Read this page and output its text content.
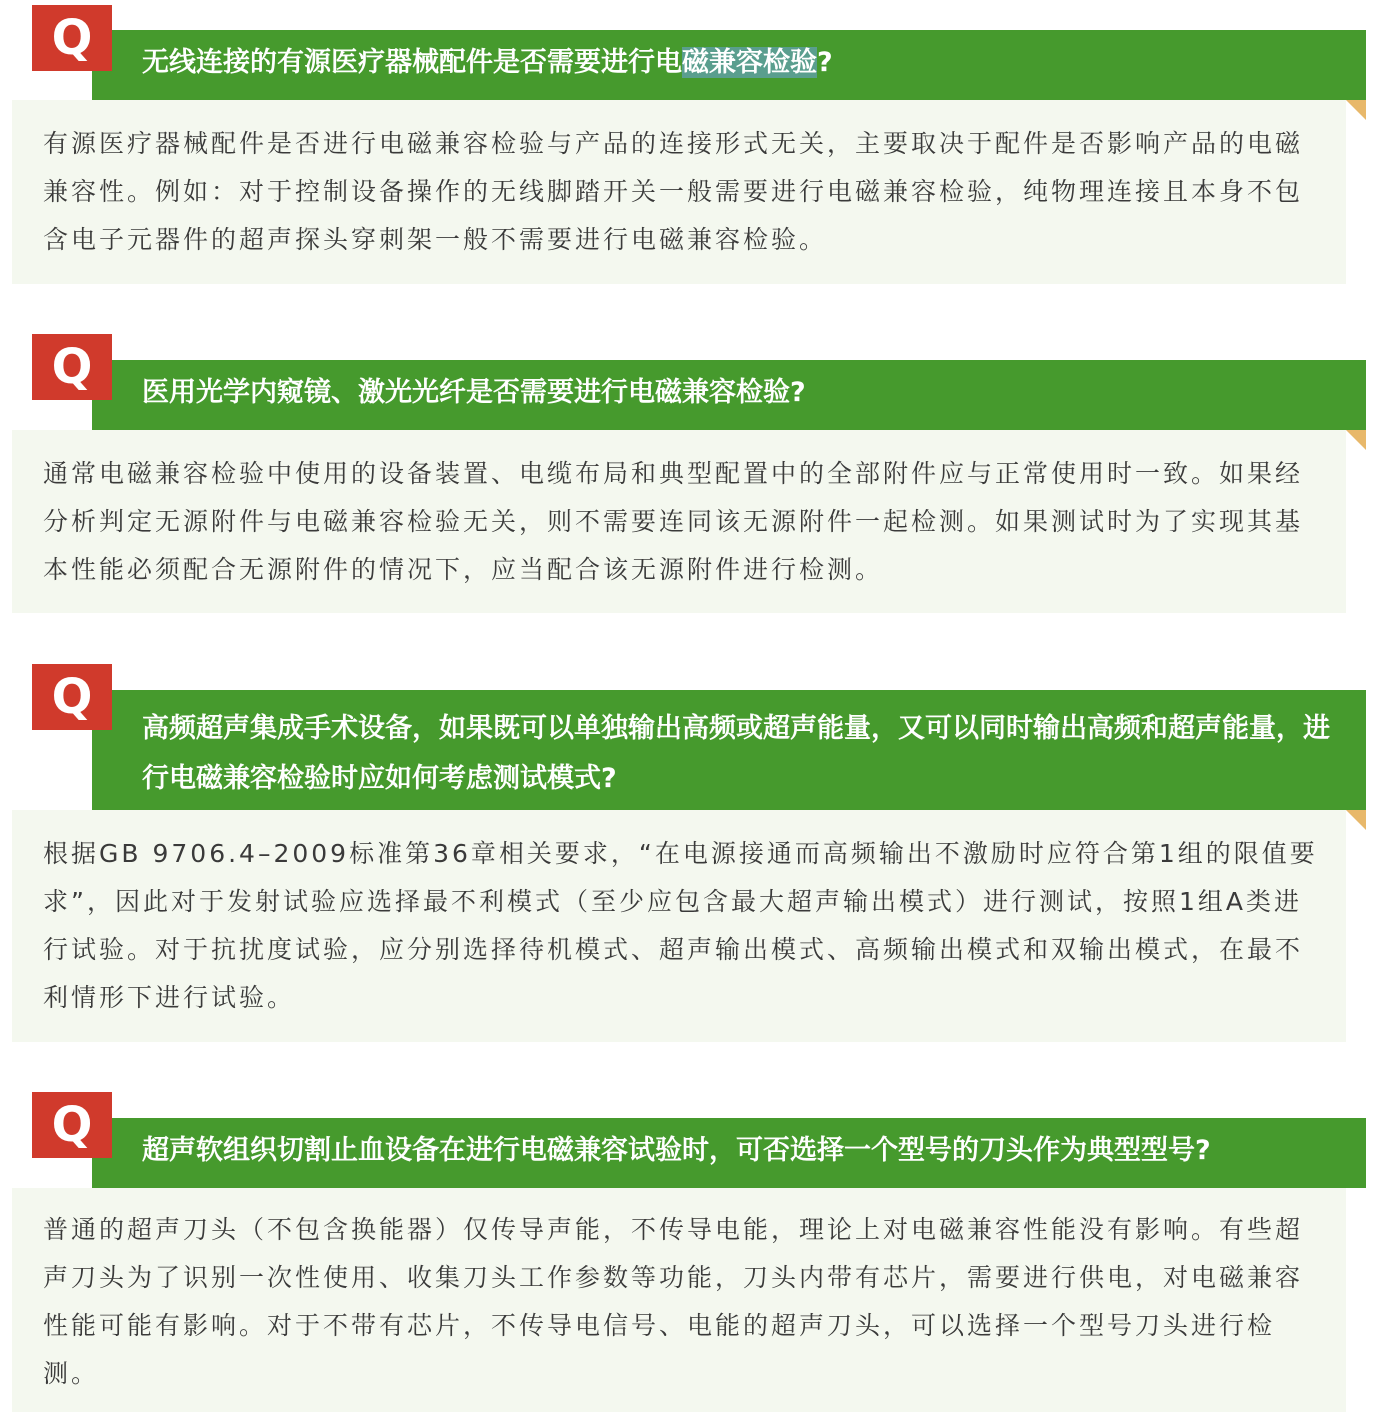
Q	无线连接的有源医疗器械配件是否需要进行电磁兼容检验?
有源医疗器械配件是否进行电磁兼容检验与产品的连接形式无关，主要取决于配件是否影响产品的电磁兼容性。例如：对于控制设备操作的无线脚踏开关一般需要进行电磁兼容检验，纯物理连接且本身不包含电子元器件的超声探头穿刺架一般不需要进行电磁兼容检验。
Q	医用光学内窥镜、激光光纤是否需要进行电磁兼容检验?
通常电磁兼容检验中使用的设备装置、电缆布局和典型配置中的全部附件应与正常使用时一致。如果经分析判定无源附件与电磁兼容检验无关，则不需要连同该无源附件一起检测。如果测试时为了实现其基本性能必须配合无源附件的情况下，应当配合该无源附件进行检测。
Q
高频超声集成手术设备，如果既可以单独输出高频或超声能量，又可以同时输出高频和超声能量，进行电磁兼容检验时应如何考虑测试模式?
根据GB 9706.4–2009标准第36章相关要求，“在电源接通而高频输出不激励时应符合第1组的限值要求”，因此对于发射试验应选择最不利模式（至少应包含最大超声输出模式）进行测试，按照1组A类进行试验。对于抗扰度试验，应分别选择待机模式、超声输出模式、高频输出模式和双输出模式，在最不利情形下进行试验。
Q	超声软组织切割止血设备在进行电磁兼容试验时，可否选择一个型号的刀头作为典型型号?
普通的超声刀头（不包含换能器）仅传导声能，不传导电能，理论上对电磁兼容性能没有影响。有些超声刀头为了识别一次性使用、收集刀头工作参数等功能，刀头内带有芯片，需要进行供电，对电磁兼容性能可能有影响。对于不带有芯片，不传导电信号、电能的超声刀头，可以选择一个型号刀头进行检测。
